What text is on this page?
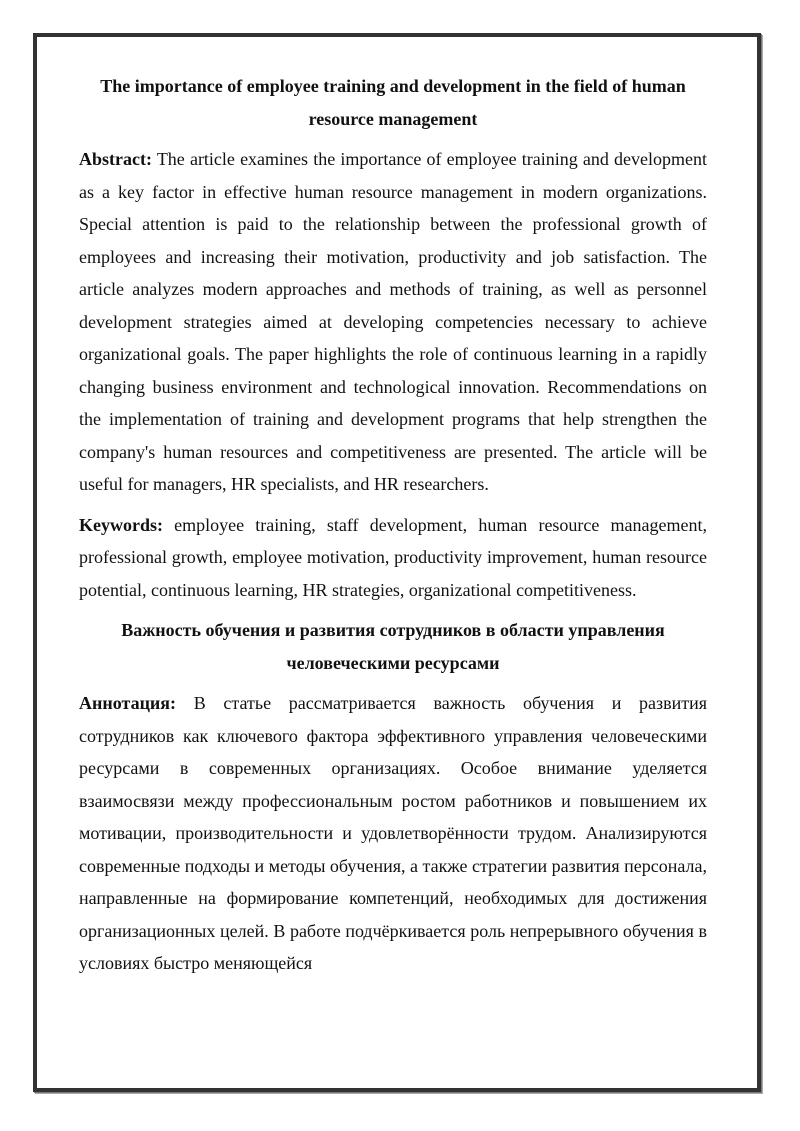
The importance of employee training and development in the field of human resource management

Abstract: The article examines the importance of employee training and development as a key factor in effective human resource management in modern organizations. Special attention is paid to the relationship between the professional growth of employees and increasing their motivation, productivity and job satisfaction. The article analyzes modern approaches and methods of training, as well as personnel development strategies aimed at developing competencies necessary to achieve organizational goals. The paper highlights the role of continuous learning in a rapidly changing business environment and technological innovation. Recommendations on the implementation of training and development programs that help strengthen the company's human resources and competitiveness are presented. The article will be useful for managers, HR specialists, and HR researchers.

Keywords: employee training, staff development, human resource management, professional growth, employee motivation, productivity improvement, human resource potential, continuous learning, HR strategies, organizational competitiveness.

Важность обучения и развития сотрудников в области управления человеческими ресурсами

Аннотация: В статье рассматривается важность обучения и развития сотрудников как ключевого фактора эффективного управления человеческими ресурсами в современных организациях. Особое внимание уделяется взаимосвязи между профессиональным ростом работников и повышением их мотивации, производительности и удовлетворённости трудом. Анализируются современные подходы и методы обучения, а также стратегии развития персонала, направленные на формирование компетенций, необходимых для достижения организационных целей. В работе подчёркивается роль непрерывного обучения в условиях быстро меняющейся
